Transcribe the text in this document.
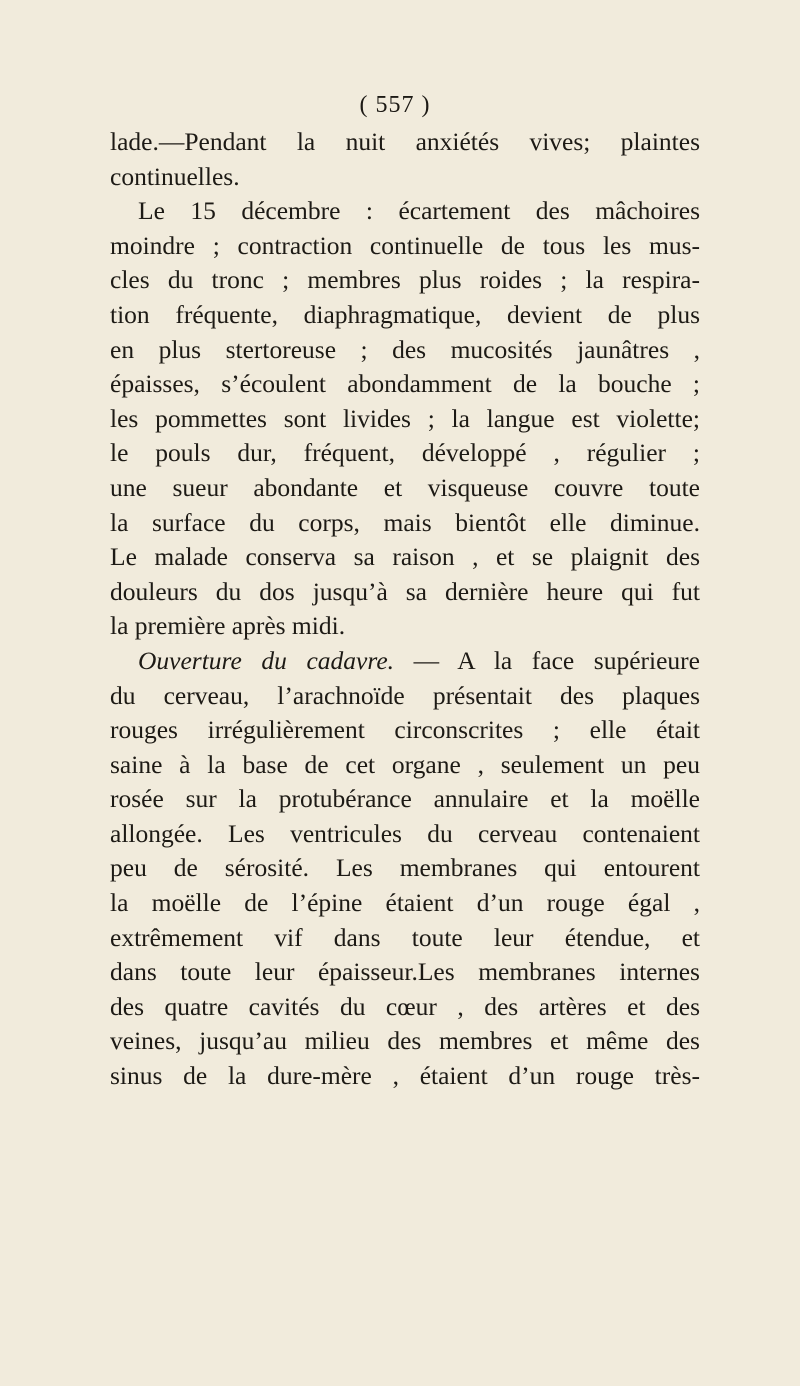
( 557 )
lade.—Pendant la nuit anxiétés vives; plaintes
continuelles.
Le 15 décembre : écartement des mâchoires
moindre ; contraction continuelle de tous les mus-
cles du tronc ; membres plus roides ; la respira-
tion fréquente, diaphragmatique, devient de plus
en plus stertoreuse ; des mucosités jaunâtres ,
épaisses, s’écoulent abondamment de la bouche ;
les pommettes sont livides ; la langue est violette;
le pouls dur, fréquent, développé , régulier ;
une sueur abondante et visqueuse couvre toute
la surface du corps, mais bientôt elle diminue.
Le malade conserva sa raison , et se plaignit des
douleurs du dos jusqu’à sa dernière heure qui fut
la première après midi.
Ouverture du cadavre. — A la face supérieure
du cerveau, l’arachnoïde présentait des plaques
rouges irrégulièrement circonscrites ; elle était
saine à la base de cet organe , seulement un peu
rosée sur la protubérance annulaire et la moëlle
allongée. Les ventricules du cerveau contenaient
peu de sérosité. Les membranes qui entourent
la moëlle de l’épine étaient d’un rouge égal ,
extrêmement vif dans toute leur étendue, et
dans toute leur épaisseur.Les membranes internes
des quatre cavités du cœur , des artères et des
veines, jusqu’au milieu des membres et même des
sinus de la dure-mère , étaient d’un rouge très-
